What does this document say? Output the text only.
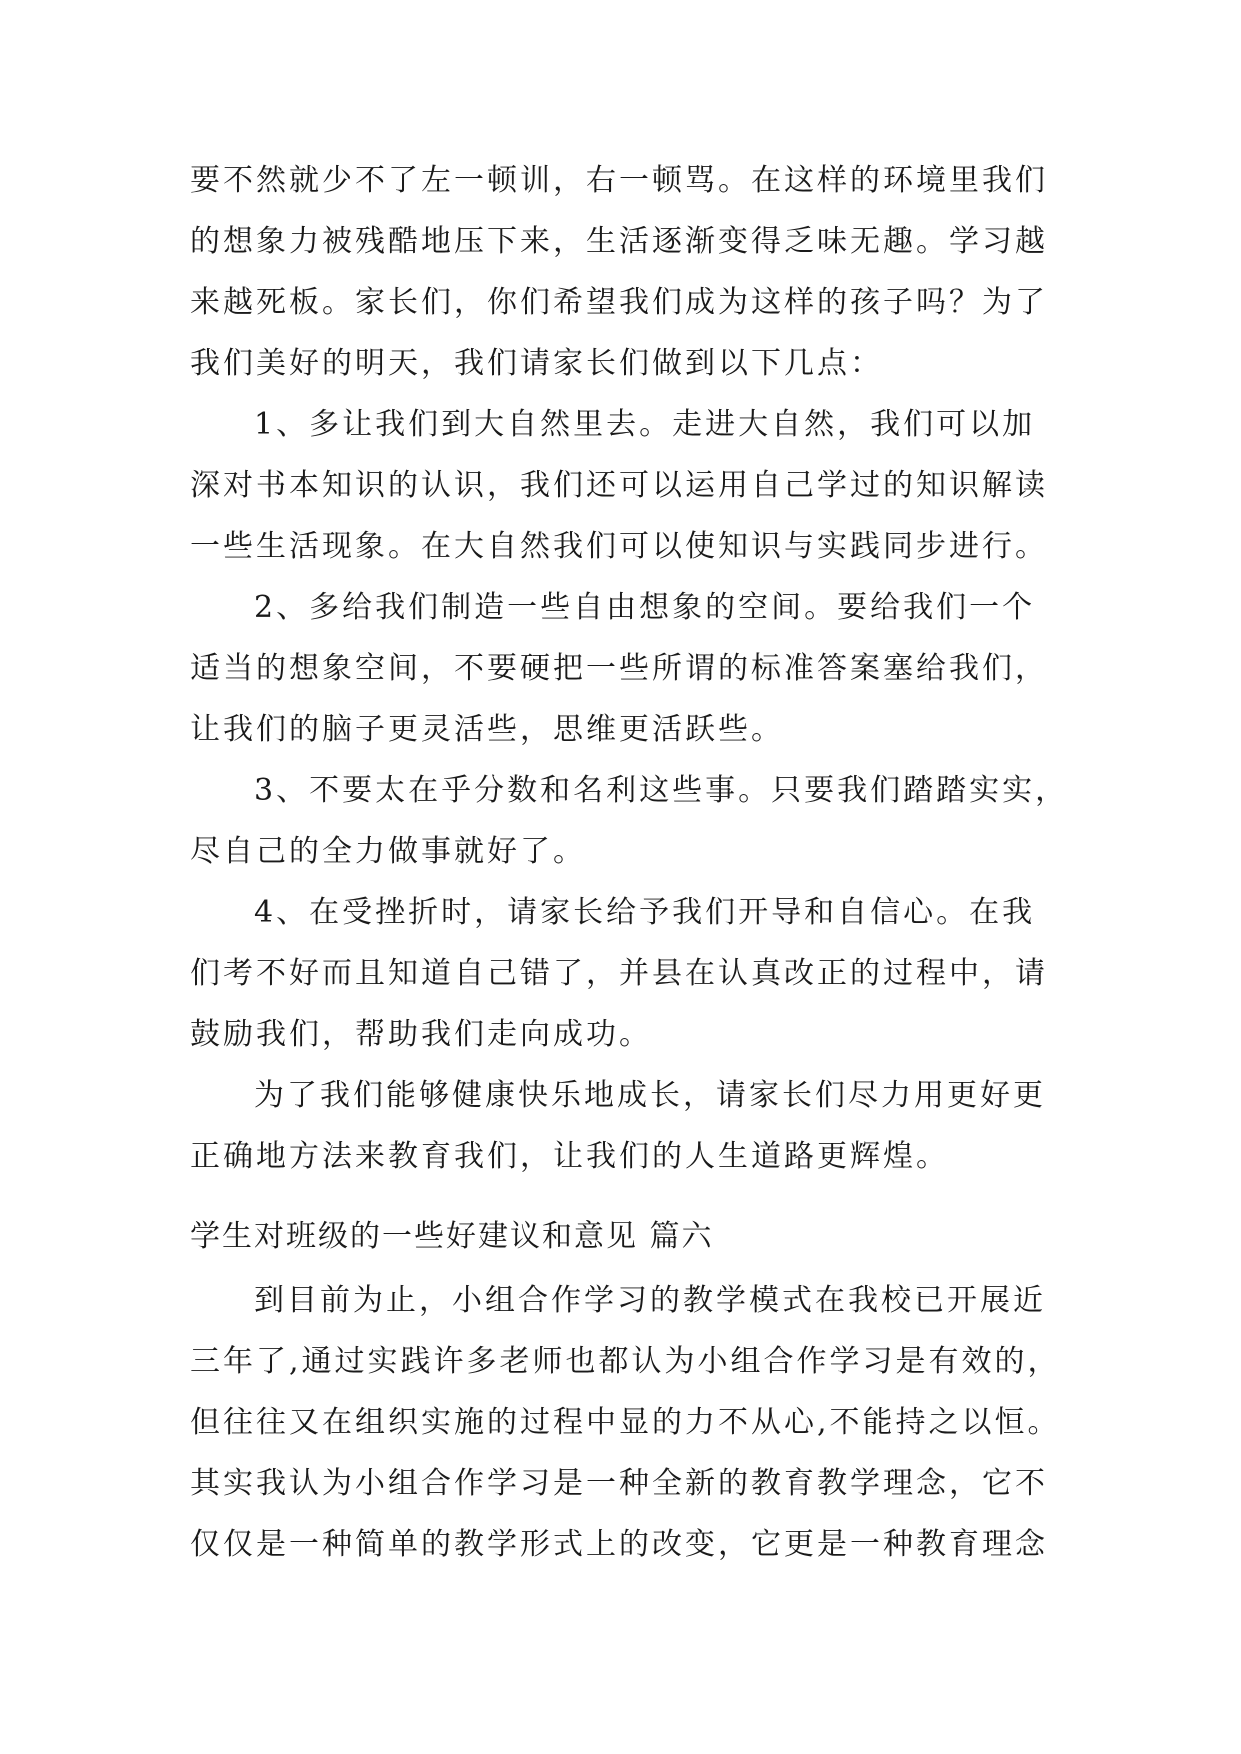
要不然就少不了左一顿训，右一顿骂。在这样的环境里我们
的想象力被残酷地压下来，生活逐渐变得乏味无趣。学习越
来越死板。家长们，你们希望我们成为这样的孩子吗？为了
我们美好的明天，我们请家长们做到以下几点：
1、多让我们到大自然里去。走进大自然，我们可以加
深对书本知识的认识，我们还可以运用自己学过的知识解读
一些生活现象。在大自然我们可以使知识与实践同步进行。
2、多给我们制造一些自由想象的空间。要给我们一个
适当的想象空间，不要硬把一些所谓的标准答案塞给我们，
让我们的脑子更灵活些，思维更活跃些。
3、不要太在乎分数和名利这些事。只要我们踏踏实实，
尽自己的全力做事就好了。
4、在受挫折时，请家长给予我们开导和自信心。在我
们考不好而且知道自己错了，并县在认真改正的过程中，请
鼓励我们，帮助我们走向成功。
为了我们能够健康快乐地成长，请家长们尽力用更好更
正确地方法来教育我们，让我们的人生道路更辉煌。
学生对班级的一些好建议和意见 篇六
到目前为止，小组合作学习的教学模式在我校已开展近
三年了,通过实践许多老师也都认为小组合作学习是有效的，
但往往又在组织实施的过程中显的力不从心,不能持之以恒。
其实我认为小组合作学习是一种全新的教育教学理念，它不
仅仅是一种简单的教学形式上的改变，它更是一种教育理念
